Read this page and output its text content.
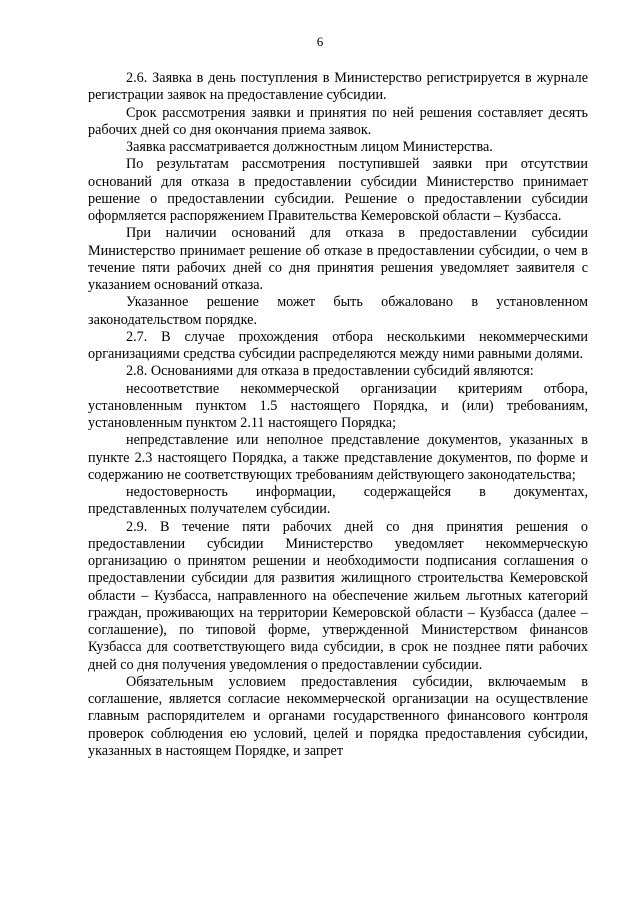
6

2.6. Заявка в день поступления в Министерство регистрируется в журнале регистрации заявок на предоставление субсидии.

Срок рассмотрения заявки и принятия по ней решения составляет десять рабочих дней со дня окончания приема заявок.

Заявка рассматривается должностным лицом Министерства.

По результатам рассмотрения поступившей заявки при отсутствии оснований для отказа в предоставлении субсидии Министерство принимает решение о предоставлении субсидии. Решение о предоставлении субсидии оформляется распоряжением Правительства Кемеровской области – Кузбасса.

При наличии оснований для отказа в предоставлении субсидии Министерство принимает решение об отказе в предоставлении субсидии, о чем в течение пяти рабочих дней со дня принятия решения уведомляет заявителя с указанием оснований отказа.

Указанное решение может быть обжаловано в установленном законодательством порядке.

2.7. В случае прохождения отбора несколькими некоммерческими организациями средства субсидии распределяются между ними равными долями.

2.8. Основаниями для отказа в предоставлении субсидий являются:

несоответствие некоммерческой организации критериям отбора, установленным пунктом 1.5 настоящего Порядка, и (или) требованиям, установленным пунктом 2.11 настоящего Порядка;

непредставление или неполное представление документов, указанных в пункте 2.3 настоящего Порядка, а также представление документов, по форме и содержанию не соответствующих требованиям действующего законодательства;

недостоверность информации, содержащейся в документах, представленных получателем субсидии.

2.9. В течение пяти рабочих дней со дня принятия решения о предоставлении субсидии Министерство уведомляет некоммерческую организацию о принятом решении и необходимости подписания соглашения о предоставлении субсидии для развития жилищного строительства Кемеровской области – Кузбасса, направленного на обеспечение жильем льготных категорий граждан, проживающих на территории Кемеровской области – Кузбасса (далее – соглашение), по типовой форме, утвержденной Министерством финансов Кузбасса для соответствующего вида субсидии, в срок не позднее пяти рабочих дней со дня получения уведомления о предоставлении субсидии.

Обязательным условием предоставления субсидии, включаемым в соглашение, является согласие некоммерческой организации на осуществление главным распорядителем и органами государственного финансового контроля проверок соблюдения ею условий, целей и порядка предоставления субсидии, указанных в настоящем Порядке, и запрет
